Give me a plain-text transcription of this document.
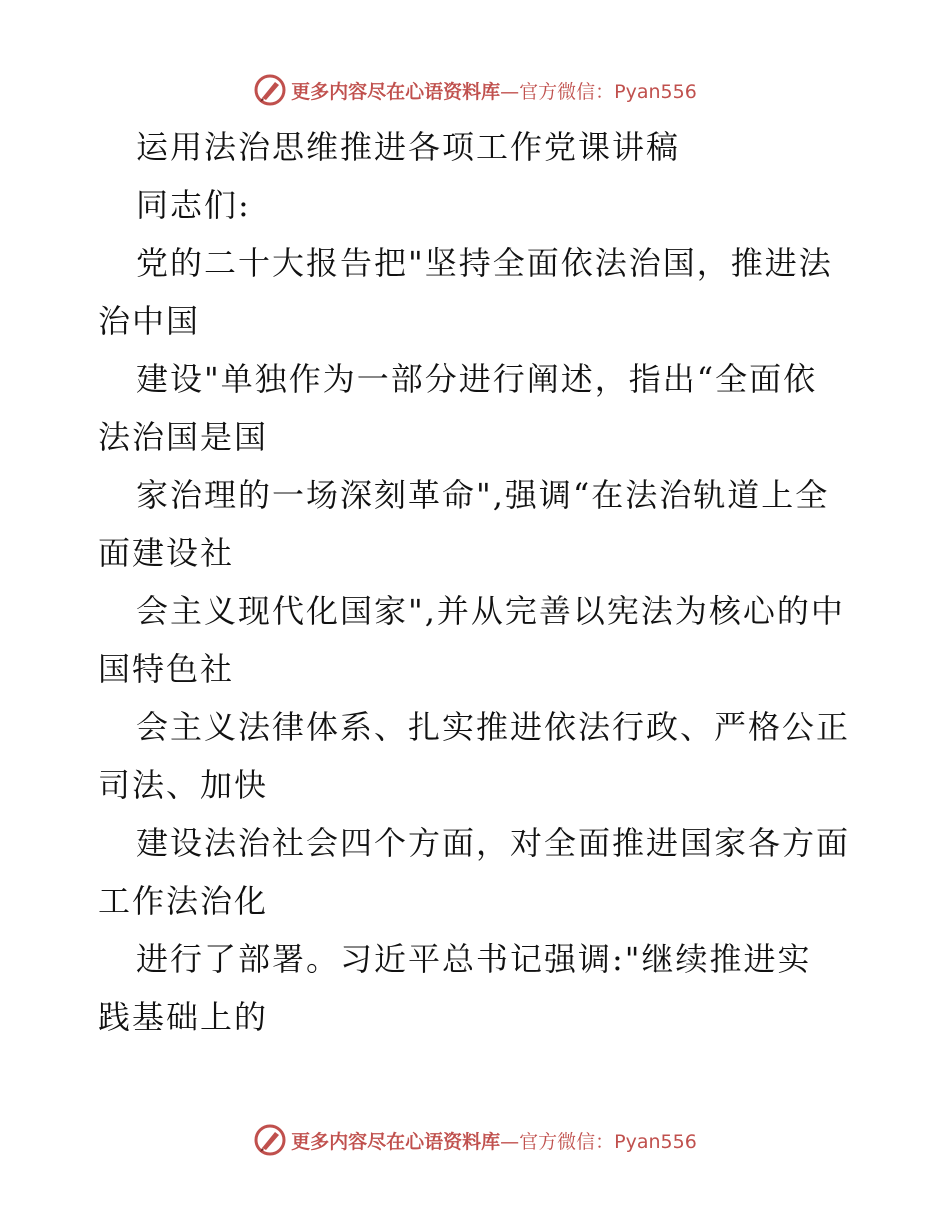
更多内容尽在心语资料库 —官方微信：Pyan556
运用法治思维推进各项工作党课讲稿
同志们:
党的二十大报告把"坚持全面依法治国，推进法
治中国
建设"单独作为一部分进行阐述，指出“全面依
法治国是国
家治理的一场深刻革命",强调“在法治轨道上全
面建设社
会主义现代化国家",并从完善以宪法为核心的中
国特色社
会主义法律体系、扎实推进依法行政、严格公正
司法、加快
建设法治社会四个方面，对全面推进国家各方面
工作法治化
进行了部署。习近平总书记强调:"继续推进实
践基础上的
更多内容尽在心语资料库 —官方微信：Pyan556
